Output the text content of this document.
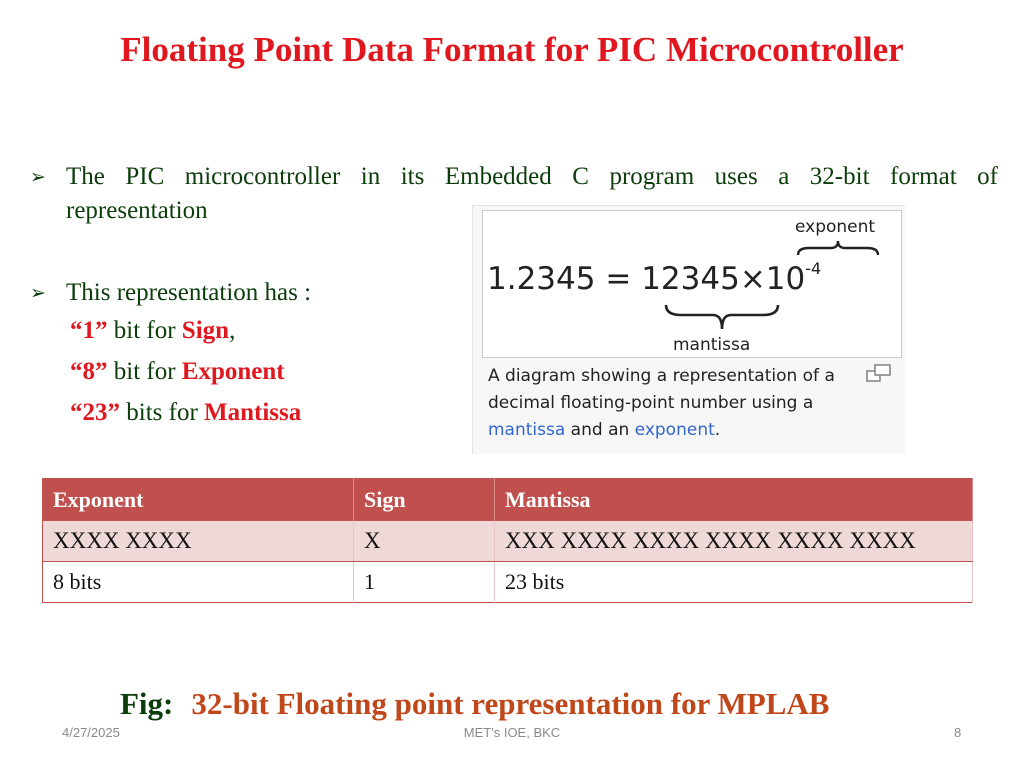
Floating Point Data Format for PIC Microcontroller
➢ The PIC microcontroller in its Embedded C program uses a 32-bit format of
representation
➢ This representation has :
“1” bit for Sign,
“8” bit for Exponent
“23” bits for Mantissa
exponent
$1.2345 = 12345\times 10^{-4}$
mantissa
A diagram showing a representation of a decimal floating-point number using a mantissa and an exponent.
Exponent	Sign	Mantissa
XXXX XXXX	X	XXX XXXX XXXX XXXX XXXX XXXX
8 bits	1	23 bits
Fig: 32-bit Floating point representation for MPLAB
4/27/2025	MET's IOE, BKC	8
